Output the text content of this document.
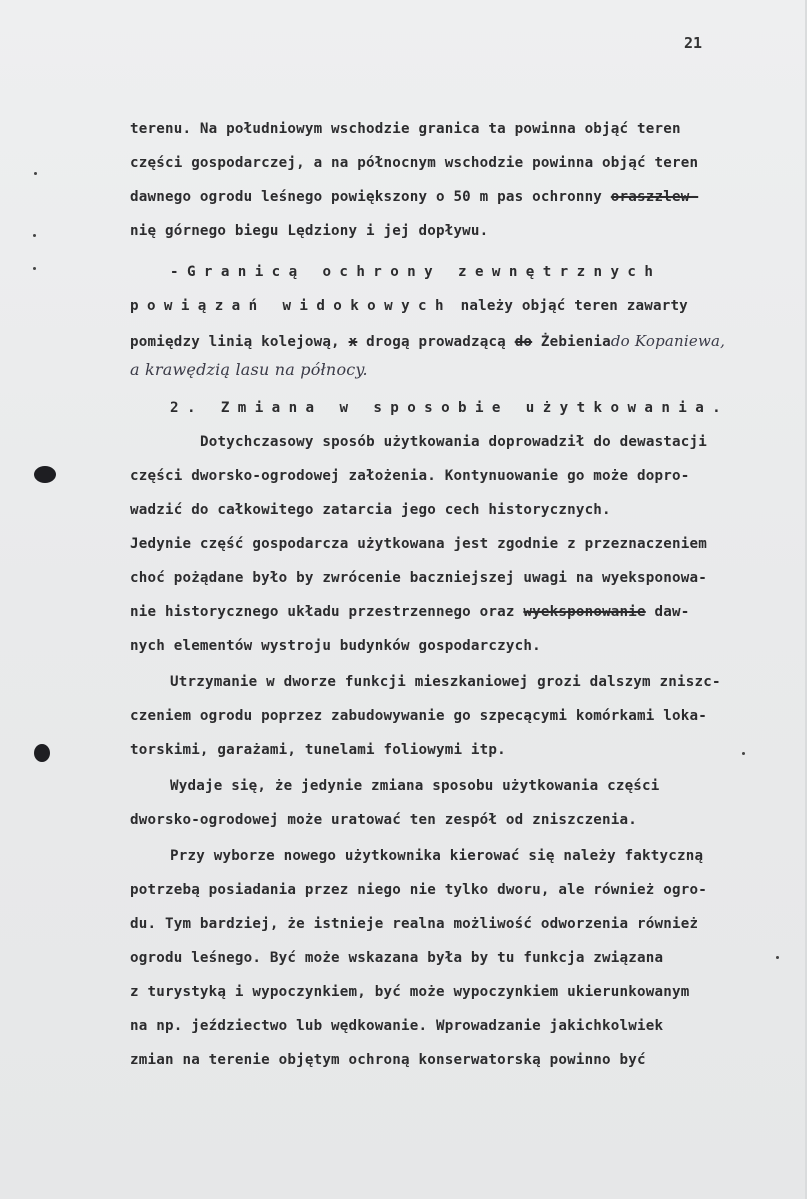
21
terenu. Na południowym wschodzie granica ta powinna objąć teren
części gospodarczej, a na północnym wschodzie powinna objąć teren
dawnego ogrodu leśnego powiększony o 50 m pas ochronny oraszzlew-
nię górnego biegu Lędziony i jej dopływu.
-Granicą ochrony zewnętrznych
powiązań widokowych należy objąć teren zawarty
pomiędzy linią kolejową, x drogą prowadzącą do Żebieniado Kopaniewa,
a krawędzią lasu na północy.
2. Zmiana w sposobie użytkowania.
Dotychczasowy sposób użytkowania doprowadził do dewastacji
części dworsko-ogrodowej założenia. Kontynuowanie go może dopro-
wadzić do całkowitego zatarcia jego cech historycznych.
Jedynie część gospodarcza użytkowana jest zgodnie z przeznaczeniem
choć pożądane było by zwrócenie baczniejszej uwagi na wyeksponowa-
nie historycznego układu przestrzennego oraz wyeksponowanie daw-
nych elementów wystroju budynków gospodarczych.
Utrzymanie w dworze funkcji mieszkaniowej grozi dalszym zniszc-
czeniem ogrodu poprzez zabudowywanie go szpecącymi komórkami loka-
torskimi, garażami, tunelami foliowymi itp.
Wydaje się, że jedynie zmiana sposobu użytkowania części
dworsko-ogrodowej może uratować ten zespół od zniszczenia.
Przy wyborze nowego użytkownika kierować się należy faktyczną
potrzebą posiadania przez niego nie tylko dworu, ale również ogro-
du. Tym bardziej, że istnieje realna możliwość odworzenia również
ogrodu leśnego. Być może wskazana była by tu funkcja związana
z turystyką i wypoczynkiem, być może wypoczynkiem ukierunkowanym
na np. jeździectwo lub wędkowanie. Wprowadzanie jakichkolwiek
zmian na terenie objętym ochroną konserwatorską powinno być
